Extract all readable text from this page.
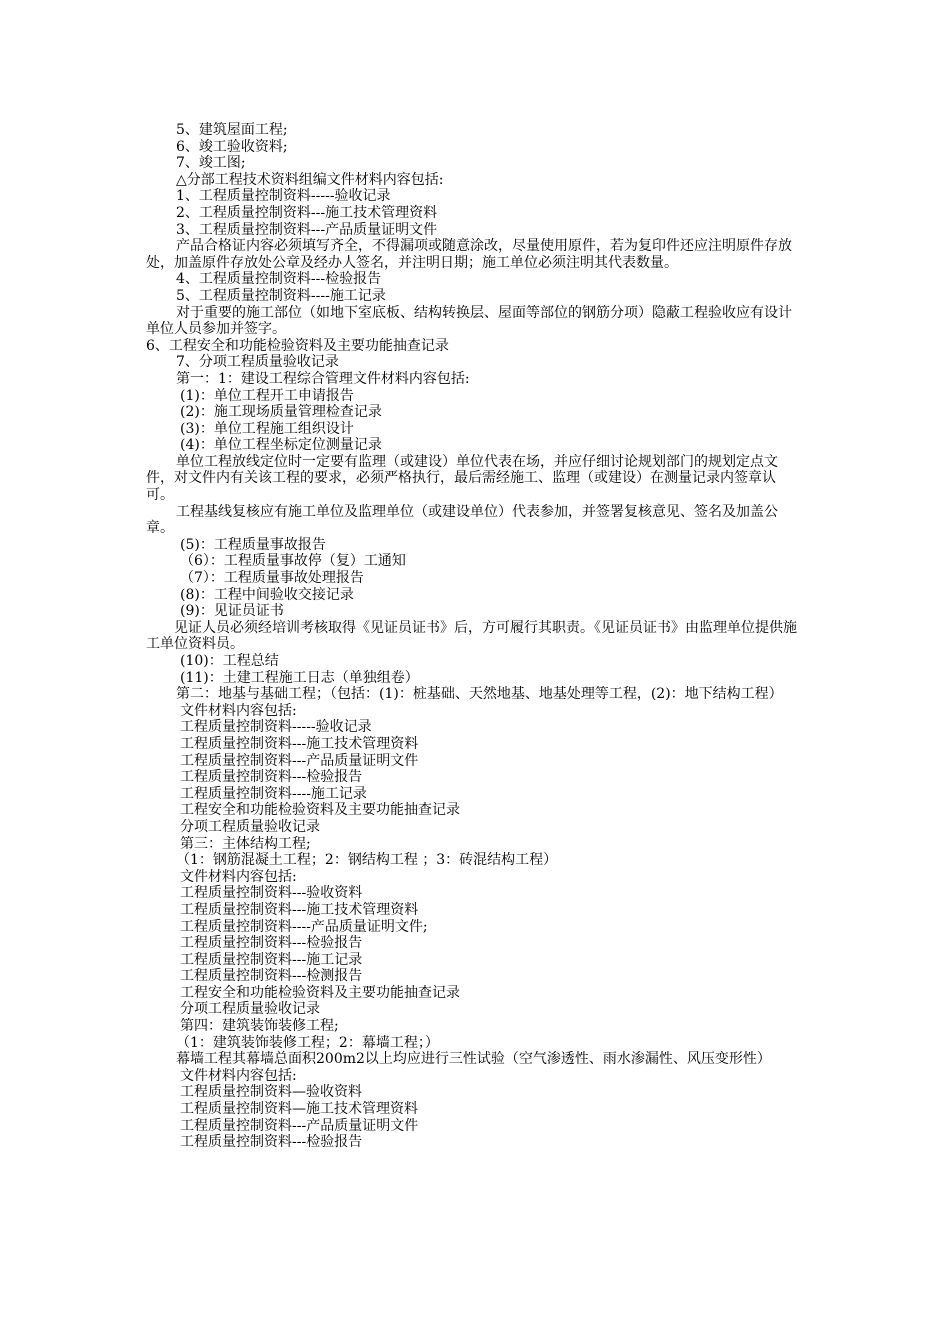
5、建筑屋面工程;

6、竣工验收资料;

7、竣工图;

△分部工程技术资料组编文件材料内容包括:

1、工程质量控制资料-----验收记录

2、工程质量控制资料---施工技术管理资料

3、工程质量控制资料---产品质量证明文件

产品合格证内容必须填写齐全，不得漏项或随意涂改，尽量使用原件，若为复印件还应注明原件存放处，加盖原件存放处公章及经办人签名，并注明日期；施工单位必须注明其代表数量。

4、工程质量控制资料---检验报告

5、工程质量控制资料----施工记录

对于重要的施工部位（如地下室底板、结构转换层、屋面等部位的钢筋分项）隐蔽工程验收应有设计单位人员参加并签字。

6、工程安全和功能检验资料及主要功能抽查记录

7、分项工程质量验收记录

第一：1：建设工程综合管理文件材料内容包括:

(1)：单位工程开工申请报告

(2)：施工现场质量管理检查记录

(3)：单位工程施工组织设计

(4)：单位工程坐标定位测量记录

单位工程放线定位时一定要有监理（或建设）单位代表在场，并应仔细讨论规划部门的规划定点文件，对文件内有关该工程的要求，必须严格执行，最后需经施工、监理（或建设）在测量记录内签章认可。

工程基线复核应有施工单位及监理单位（或建设单位）代表参加，并签署复核意见、签名及加盖公章。

(5)：工程质量事故报告

（6）：工程质量事故停（复）工通知

（7）：工程质量事故处理报告

(8)：工程中间验收交接记录

(9)：见证员证书

见证人员必须经培训考核取得《见证员证书》后，方可履行其职责。《见证员证书》由监理单位提供施工单位资料员。

(10)：工程总结

(11)：土建工程施工日志（单独组卷）

第二：地基与基础工程；（包括：(1)：桩基础、天然地基、地基处理等工程，(2)：地下结构工程）

文件材料内容包括:

工程质量控制资料-----验收记录

工程质量控制资料---施工技术管理资料

工程质量控制资料---产品质量证明文件

工程质量控制资料---检验报告

工程质量控制资料----施工记录

工程安全和功能检验资料及主要功能抽查记录

分项工程质量验收记录

第三：主体结构工程;

（1：钢筋混凝土工程；2：钢结构工程 ；3：砖混结构工程）

文件材料内容包括:

工程质量控制资料---验收资料

工程质量控制资料---施工技术管理资料

工程质量控制资料----产品质量证明文件;

工程质量控制资料---检验报告

工程质量控制资料---施工记录

工程质量控制资料---检测报告

工程安全和功能检验资料及主要功能抽查记录

分项工程质量验收记录

第四：建筑装饰装修工程;

（1：建筑装饰装修工程；2：幕墙工程；）

幕墙工程其幕墙总面积200m2以上均应进行三性试验（空气渗透性、雨水渗漏性、风压变形性）

文件材料内容包括:

工程质量控制资料—验收资料

工程质量控制资料—施工技术管理资料

工程质量控制资料---产品质量证明文件

工程质量控制资料---检验报告
